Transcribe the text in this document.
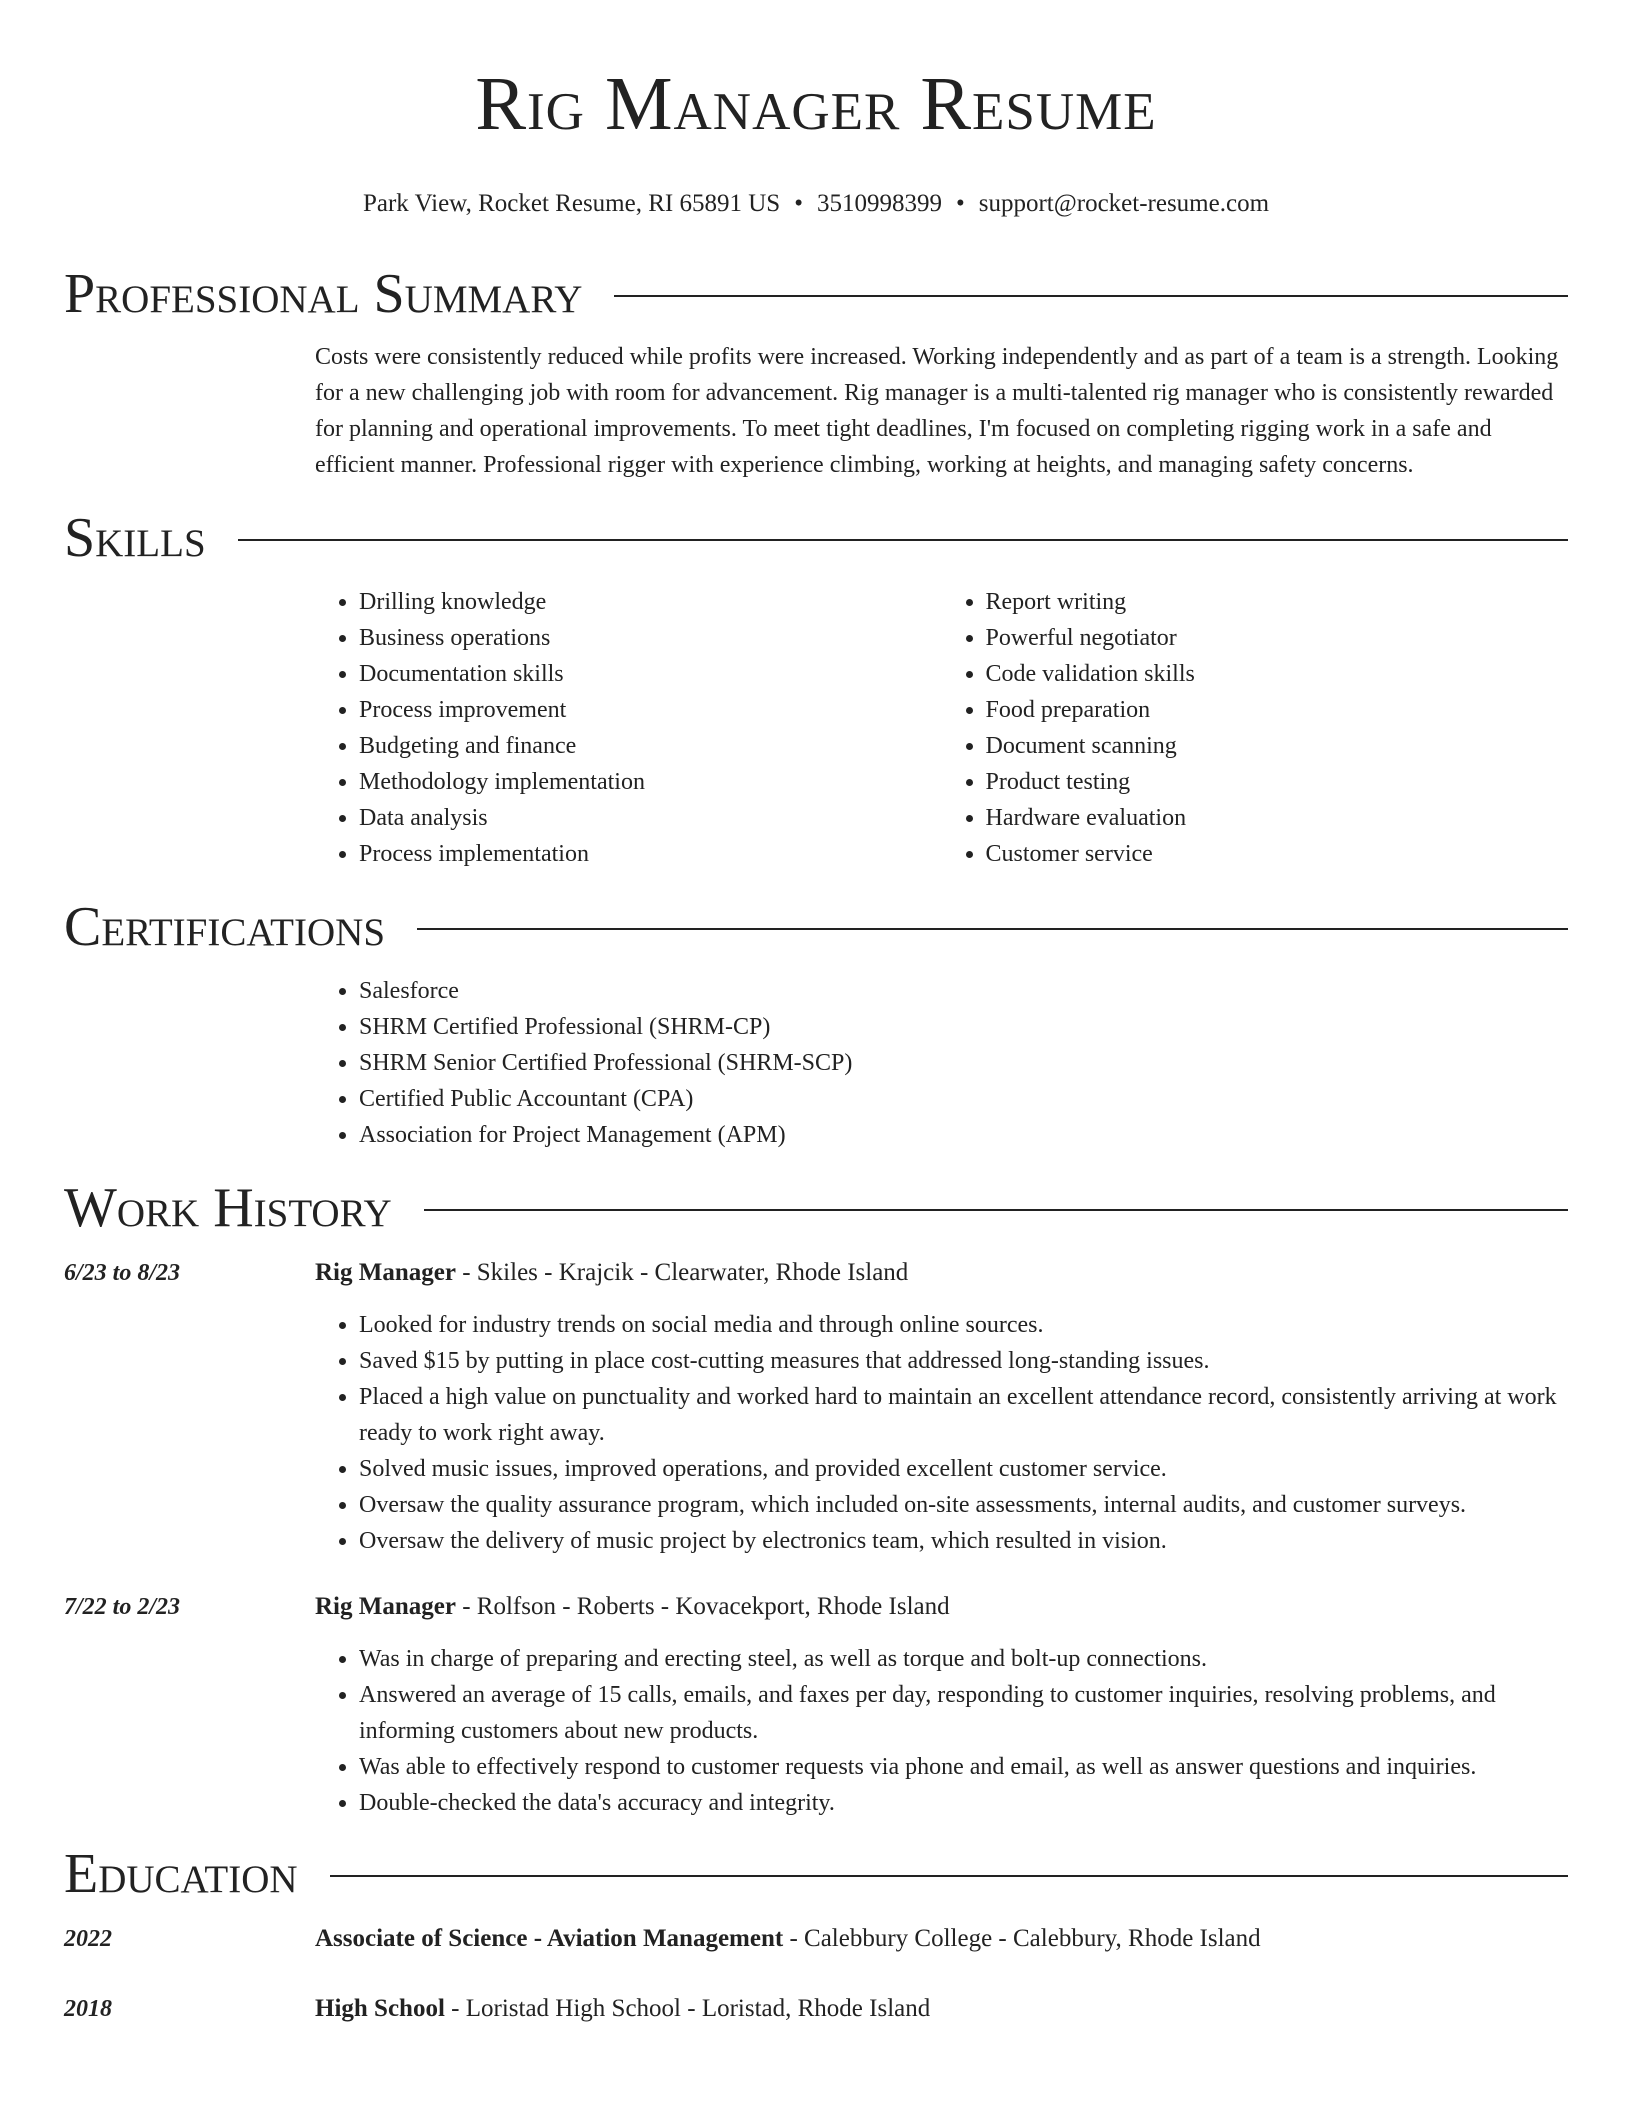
Rig Manager Resume
Park View, Rocket Resume, RI 65891 US • 3510998399 • support@rocket-resume.com
Professional Summary
Costs were consistently reduced while profits were increased. Working independently and as part of a team is a strength. Looking for a new challenging job with room for advancement. Rig manager is a multi-talented rig manager who is consistently rewarded for planning and operational improvements. To meet tight deadlines, I'm focused on completing rigging work in a safe and efficient manner. Professional rigger with experience climbing, working at heights, and managing safety concerns.
Skills
• Drilling knowledge
• Business operations
• Documentation skills
• Process improvement
• Budgeting and finance
• Methodology implementation
• Data analysis
• Process implementation
• Report writing
• Powerful negotiator
• Code validation skills
• Food preparation
• Document scanning
• Product testing
• Hardware evaluation
• Customer service
Certifications
• Salesforce
• SHRM Certified Professional (SHRM-CP)
• SHRM Senior Certified Professional (SHRM-SCP)
• Certified Public Accountant (CPA)
• Association for Project Management (APM)
Work History
6/23 to 8/23	Rig Manager - Skiles - Krajcik - Clearwater, Rhode Island
• Looked for industry trends on social media and through online sources.
• Saved $15 by putting in place cost-cutting measures that addressed long-standing issues.
• Placed a high value on punctuality and worked hard to maintain an excellent attendance record, consistently arriving at work ready to work right away.
• Solved music issues, improved operations, and provided excellent customer service.
• Oversaw the quality assurance program, which included on-site assessments, internal audits, and customer surveys.
• Oversaw the delivery of music project by electronics team, which resulted in vision.
7/22 to 2/23	Rig Manager - Rolfson - Roberts - Kovacekport, Rhode Island
• Was in charge of preparing and erecting steel, as well as torque and bolt-up connections.
• Answered an average of 15 calls, emails, and faxes per day, responding to customer inquiries, resolving problems, and informing customers about new products.
• Was able to effectively respond to customer requests via phone and email, as well as answer questions and inquiries.
• Double-checked the data's accuracy and integrity.
Education
2022	Associate of Science - Aviation Management - Calebbury College - Calebbury, Rhode Island
2018	High School - Loristad High School - Loristad, Rhode Island
